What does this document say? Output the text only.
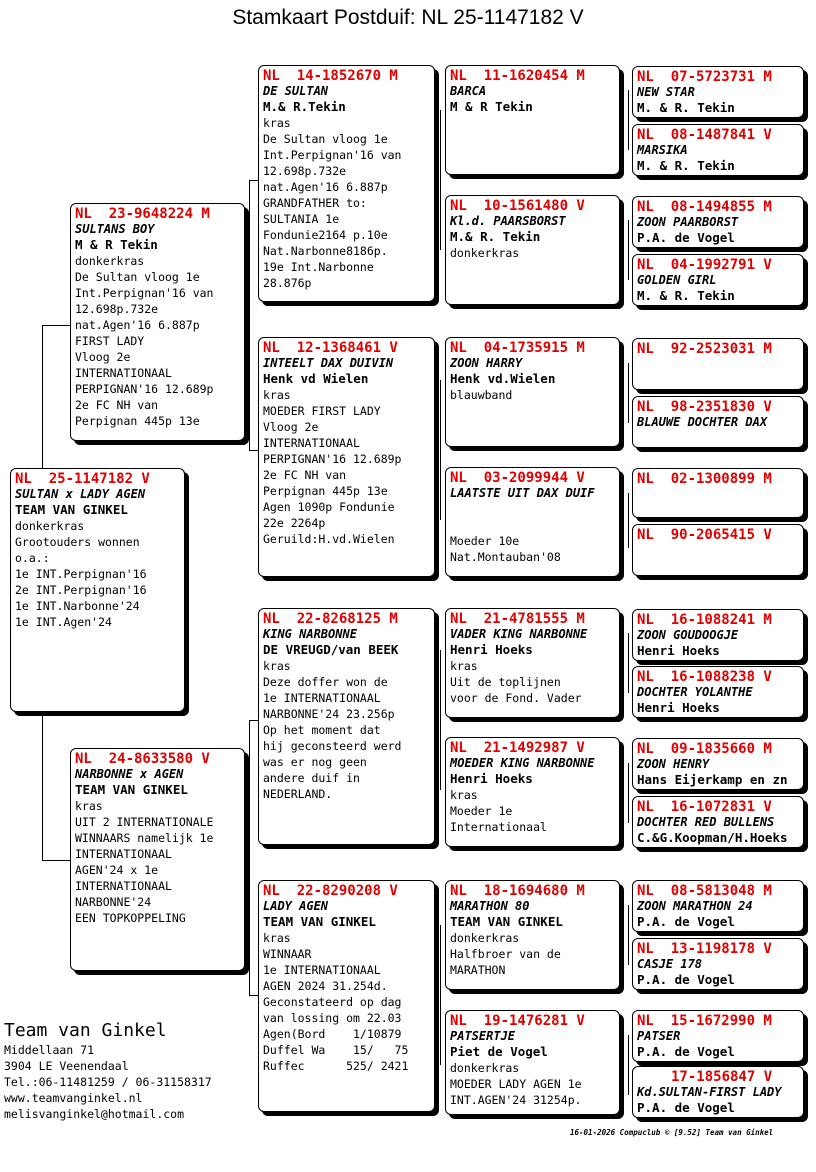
Stamkaart Postduif: NL 25-1147182 V
NL  25-1147182 V
SULTAN x LADY AGEN
TEAM VAN GINKEL
donkerkras
Grootouders wonnen
o.a.:
1e INT.Perpignan'16
2e INT.Perpignan'16
1e INT.Narbonne'24
1e INT.Agen'24
NL  23-9648224 M
SULTANS BOY
M & R Tekin
donkerkras
De Sultan vloog 1e
Int.Perpignan'16 van
12.698p.732e
nat.Agen'16 6.887p
FIRST LADY
Vloog 2e
INTERNATIONAAL
PERPIGNAN'16 12.689p
2e FC NH van
Perpignan 445p 13e
NL  24-8633580 V
NARBONNE x AGEN
TEAM VAN GINKEL
kras
UIT 2 INTERNATIONALE
WINNAARS namelijk 1e
INTERNATIONAAL
AGEN'24 x 1e
INTERNATIONAAL
NARBONNE'24
EEN TOPKOPPELING
NL  14-1852670 M
DE SULTAN
M.& R.Tekin
kras
De Sultan vloog 1e
Int.Perpignan'16 van
12.698p.732e
nat.Agen'16 6.887p
GRANDFATHER to:
SULTANIA 1e
Fondunie2164 p.10e
Nat.Narbonne8186p.
19e Int.Narbonne
28.876p
NL  12-1368461 V
INTEELT DAX DUIVIN
Henk vd Wielen
kras
MOEDER FIRST LADY
Vloog 2e
INTERNATIONAAL
PERPIGNAN'16 12.689p
2e FC NH van
Perpignan 445p 13e
Agen 1090p Fondunie
22e 2264p
Geruild:H.vd.Wielen
NL  22-8268125 M
KING NARBONNE
DE VREUGD/van BEEK
kras
Deze doffer won de
1e INTERNATIONAAL
NARBONNE'24 23.256p
Op het moment dat
hij geconsteerd werd
was er nog geen
andere duif in
NEDERLAND.
NL  22-8290208 V
LADY AGEN
TEAM VAN GINKEL
kras
WINNAAR
1e INTERNATIONAAL
AGEN 2024 31.254d.
Geconstateerd op dag
van lossing om 22.03
Agen(Bord    1/10879
Duffel Wa    15/   75
Ruffec      525/ 2421
NL  11-1620454 M
BARCA
M & R Tekin
NL  10-1561480 V
Kl.d. PAARSBORST
M.& R. Tekin
donkerkras
NL  04-1735915 M
ZOON HARRY
Henk vd.Wielen
blauwband
NL  03-2099944 V
LAATSTE UIT DAX DUIF
Moeder 10e
Nat.Montauban'08
NL  21-4781555 M
VADER KING NARBONNE
Henri Hoeks
kras
Uit de toplijnen
voor de Fond. Vader
NL  21-1492987 V
MOEDER KING NARBONNE
Henri Hoeks
kras
Moeder 1e
Internationaal
NL  18-1694680 M
MARATHON 80
TEAM VAN GINKEL
donkerkras
Halfbroer van de
MARATHON
NL  19-1476281 V
PATSERTJE
Piet de Vogel
donkerkras
MOEDER LADY AGEN 1e
INT.AGEN'24 31254p.
NL  07-5723731 M
NEW STAR
M. & R. Tekin
NL  08-1487841 V
MARSIKA
M. & R. Tekin
NL  08-1494855 M
ZOON PAARBORST
P.A. de Vogel
NL  04-1992791 V
GOLDEN GIRL
M. & R. Tekin
NL  92-2523031 M
NL  98-2351830 V
BLAUWE DOCHTER DAX
NL  02-1300899 M
NL  90-2065415 V
NL  16-1088241 M
ZOON GOUDOOGJE
Henri Hoeks
NL  16-1088238 V
DOCHTER YOLANTHE
Henri Hoeks
NL  09-1835660 M
ZOON HENRY
Hans Eijerkamp en zn
NL  16-1072831 V
DOCHTER RED BULLENS
C.&G.Koopman/H.Hoeks
NL  08-5813048 M
ZOON MARATHON 24
P.A. de Vogel
NL  13-1198178 V
CASJE 178
P.A. de Vogel
NL  15-1672990 M
PATSER
P.A. de Vogel
17-1856847 V
Kd.SULTAN-FIRST LADY
P.A. de Vogel
Team van Ginkel
Middellaan 71
3904 LE Veenendaal
Tel.:06-11481259 / 06-31158317
www.teamvanginkel.nl
melisvanginkel@hotmail.com
16-01-2026 Compuclub © [9.52] Team van Ginkel
